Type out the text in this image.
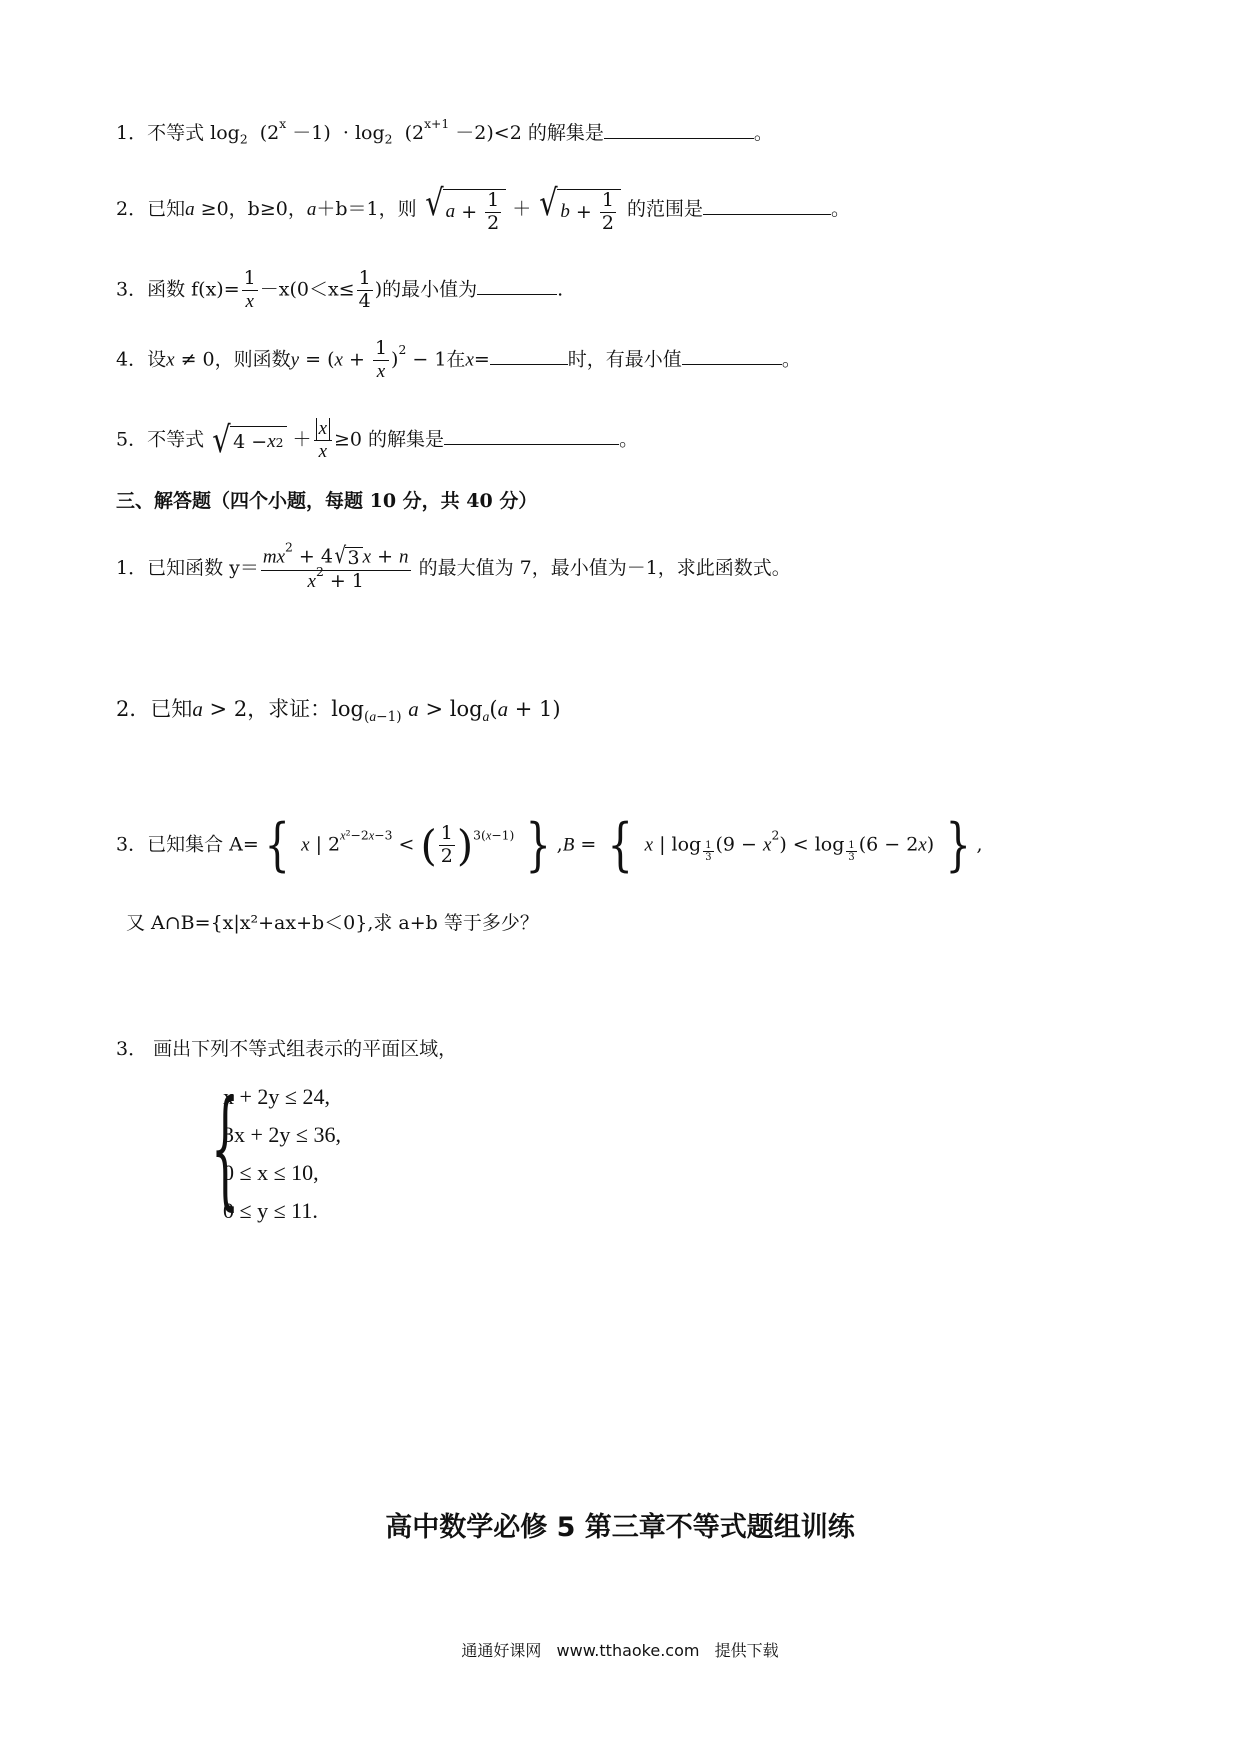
1．不等式 $\log_2 (2^x -1) \cdot \log_2 (2^{x+1} -2)<2$ 的解集是	。
2．已知a ≥0，b≥0，a＋b＝1，则 √ $a + \frac{1}{2}$ ＋ √ $b + \frac{1}{2}$ 的范围是	。
3．函数 $f(x)= \frac{1}{x} -x(0<x\le \frac{1}{4}$ )的最小值为	.
4．设x ≠ 0，则函数$y = (x + \frac{1}{x} )^2 - 1$在x=	时，有最小值	。
5．不等式 √ 4 − x $2 + \frac{x}{x} \ge 0$ 的解集是	。
三、解答题（四个小题，每题 10 分，共 40 分）
1．已知函数 $y= \frac{mx^2 + 4 √ 3 x + n}{x^2 + 1}$ 的最大值为 7，最小值为－1，求此函数式。
2．已知a > 2，求证：$\log_{(a-1)} a > \log_a(a + 1)$
3．已知集合 A={ x | $2^{x^2-2x-3}$ < ( $\frac{1}{2} )^{3(x-1)}$ } ,B = { x | log $_{\frac{1}{3}}$ $(9 - x^2) < \log _{\frac{1}{3}}$ (6 − 2x) } ,
又 A∩B={x|x²+ax+b＜0},求 a+b 等于多少？
3． 画出下列不等式组表示的平面区域，
{
x + 2y ≤ 24,
3x + 2y ≤ 36,
0 ≤ x ≤ 10,
0 ≤ y ≤ 11.
高中数学必修 5 第三章不等式题组训练
通通好课网 www.tthaoke.com 提供下载
